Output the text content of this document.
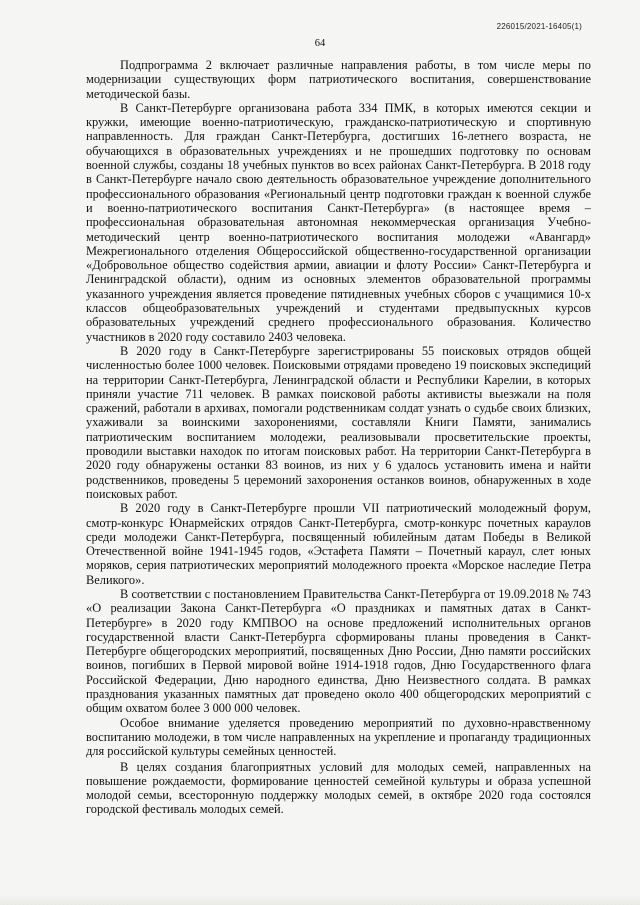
226015/2021-16405(1)
64

Подпрограмма 2 включает различные направления работы, в том числе меры по модернизации существующих форм патриотического воспитания, совершенствование методической базы.

В Санкт-Петербурге организована работа 334 ПМК, в которых имеются секции и кружки, имеющие военно-патриотическую, гражданско-патриотическую и спортивную направленность. Для граждан Санкт-Петербурга, достигших 16-летнего возраста, не обучающихся в образовательных учреждениях и не прошедших подготовку по основам военной службы, созданы 18 учебных пунктов во всех районах Санкт-Петербурга. В 2018 году в Санкт-Петербурге начало свою деятельность образовательное учреждение дополнительного профессионального образования «Региональный центр подготовки граждан к военной службе и военно-патриотического воспитания Санкт-Петербурга» (в настоящее время – профессиональная образовательная автономная некоммерческая организация Учебно-методический центр военно-патриотического воспитания молодежи «Авангард» Межрегионального отделения Общероссийской общественно-государственной организации «Добровольное общество содействия армии, авиации и флоту России» Санкт-Петербурга и Ленинградской области), одним из основных элементов образовательной программы указанного учреждения является проведение пятидневных учебных сборов с учащимися 10-х классов общеобразовательных учреждений и студентами предвыпускных курсов образовательных учреждений среднего профессионального образования. Количество участников в 2020 году составило 2403 человека.

В 2020 году в Санкт-Петербурге зарегистрированы 55 поисковых отрядов общей численностью более 1000 человек. Поисковыми отрядами проведено 19 поисковых экспедиций на территории Санкт-Петербурга, Ленинградской области и Республики Карелии, в которых приняли участие 711 человек. В рамках поисковой работы активисты выезжали на поля сражений, работали в архивах, помогали родственникам солдат узнать о судьбе своих близких, ухаживали за воинскими захоронениями, составляли Книги Памяти, занимались патриотическим воспитанием молодежи, реализовывали просветительские проекты, проводили выставки находок по итогам поисковых работ. На территории Санкт-Петербурга в 2020 году обнаружены останки 83 воинов, из них у 6 удалось установить имена и найти родственников, проведены 5 церемоний захоронения останков воинов, обнаруженных в ходе поисковых работ.

В 2020 году в Санкт-Петербурге прошли VII патриотический молодежный форум, смотр-конкурс Юнармейских отрядов Санкт-Петербурга, смотр-конкурс почетных караулов среди молодежи Санкт-Петербурга, посвященный юбилейным датам Победы в Великой Отечественной войне 1941-1945 годов, «Эстафета Памяти – Почетный караул, слет юных моряков, серия патриотических мероприятий молодежного проекта «Морское наследие Петра Великого».

В соответствии с постановлением Правительства Санкт-Петербурга от 19.09.2018 № 743 «О реализации Закона Санкт-Петербурга «О праздниках и памятных датах в Санкт-Петербурге» в 2020 году КМПВОО на основе предложений исполнительных органов государственной власти Санкт-Петербурга сформированы планы проведения в Санкт-Петербурге общегородских мероприятий, посвященных Дню России, Дню памяти российских воинов, погибших в Первой мировой войне 1914-1918 годов, Дню Государственного флага Российской Федерации, Дню народного единства, Дню Неизвестного солдата. В рамках празднования указанных памятных дат проведено около 400 общегородских мероприятий с общим охватом более 3 000 000 человек.

Особое внимание уделяется проведению мероприятий по духовно-нравственному воспитанию молодежи, в том числе направленных на укрепление и пропаганду традиционных для российской культуры семейных ценностей.

В целях создания благоприятных условий для молодых семей, направленных на повышение рождаемости, формирование ценностей семейной культуры и образа успешной молодой семьи, всесторонную поддержку молодых семей, в октябре 2020 года состоялся городской фестиваль молодых семей.
